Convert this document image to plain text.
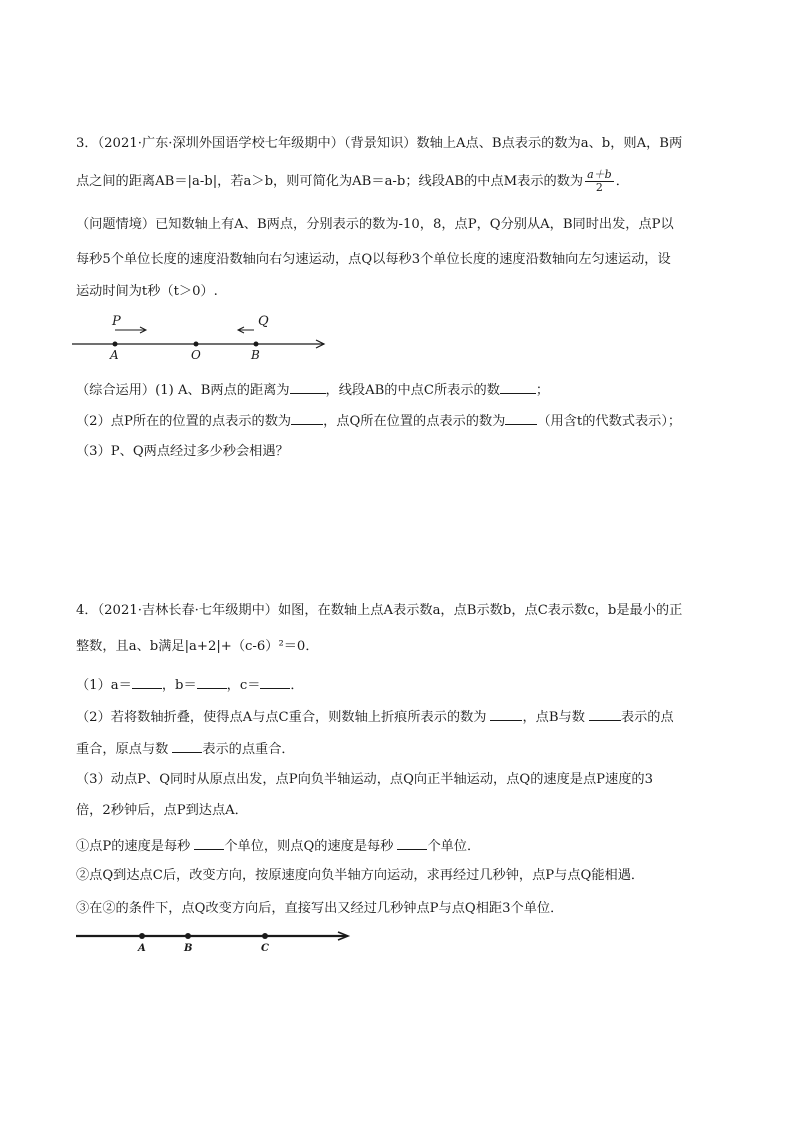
3．（2021·广东·深圳外国语学校七年级期中）（背景知识）数轴上A点、B点表示的数为a、b，则A，B两
点之间的距离AB＝|a-b|，若a＞b，则可简化为AB＝a-b；线段AB的中点M表示的数为 $\frac{a+b}{2}$ ．
（问题情境）已知数轴上有A、B两点，分别表示的数为-10，8，点P，Q分别从A，B同时出发，点P以
每秒5个单位长度的速度沿数轴向右匀速运动，点Q以每秒3个单位长度的速度沿数轴向左匀速运动，设
运动时间为t秒（t＞0）.
A	O	B
P	Q
（综合运用）(1) A、B两点的距离为	，线段AB的中点C所表示的数	；
（2）点P所在的位置的点表示的数为 ，点Q所在位置的点表示的数为 （用含t的代数式表示）；
（3）P、Q两点经过多少秒会相遇？
4．（2021·吉林长春·七年级期中）如图，在数轴上点A表示数a，点B示数b，点C表示数c，b是最小的正
整数，且a、b满足|a+2|+（c-6）²＝0．
（1）a＝ ，b＝ ，c＝ ．
（2）若将数轴折叠，使得点A与点C重合，则数轴上折痕所表示的数为	，点B与数	表示的点
重合，原点与数	表示的点重合．
（3）动点P、Q同时从原点出发，点P向负半轴运动，点Q向正半轴运动，点Q的速度是点P速度的3
倍，2秒钟后，点P到达点A．
①点P的速度是每秒	个单位，则点Q的速度是每秒	个单位．
②点Q到达点C后，改变方向，按原速度向负半轴方向运动，求再经过几秒钟，点P与点Q能相遇．
③在②的条件下，点Q改变方向后，直接写出又经过几秒钟点P与点Q相距3个单位．
A	B	C
